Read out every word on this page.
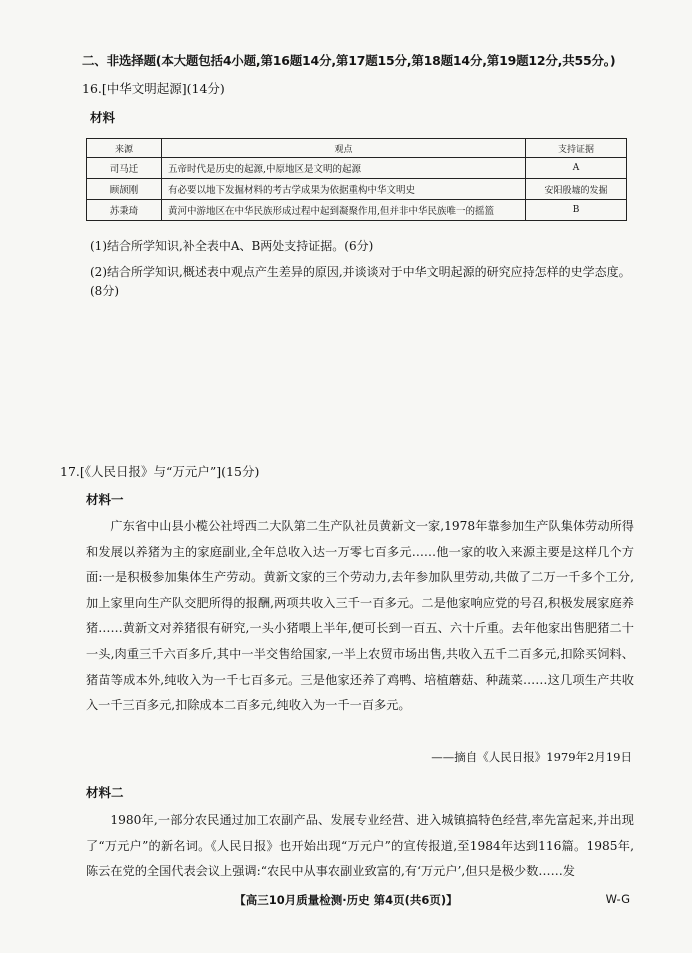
二、非选择题(本大题包括4小题,第16题14分,第17题15分,第18题14分,第19题12分,共55分。)
16.[中华文明起源](14分)
材料
来源	观点	支持证据
司马迁	五帝时代是历史的起源,中原地区是文明的起源	A
顾颉刚	有必要以地下发掘材料的考古学成果为依据重构中华文明史	安阳殷墟的发掘
苏秉琦	黄河中游地区在中华民族形成过程中起到凝聚作用,但并非中华民族唯一的摇篮	B
(1)结合所学知识,补全表中A、B两处支持证据。(6分)
(2)结合所学知识,概述表中观点产生差异的原因,并谈谈对于中华文明起源的研究应持怎样的史学态度。(8分)
17.[《人民日报》与“万元户”](15分)
材料一

广东省中山县小榄公社埒西二大队第二生产队社员黄新文一家,1978年靠参加生产队集体劳动所得和发展以养猪为主的家庭副业,全年总收入达一万零七百多元……他一家的收入来源主要是这样几个方面:一是积极参加集体生产劳动。黄新文家的三个劳动力,去年参加队里劳动,共做了二万一千多个工分,加上家里向生产队交肥所得的报酬,两项共收入三千一百多元。二是他家响应党的号召,积极发展家庭养猪……黄新文对养猪很有研究,一头小猪喂上半年,便可长到一百五、六十斤重。去年他家出售肥猪二十一头,肉重三千六百多斤,其中一半交售给国家,一半上农贸市场出售,共收入五千二百多元,扣除买饲料、猪苗等成本外,纯收入为一千七百多元。三是他家还养了鸡鸭、培植蘑菇、种蔬菜……这几项生产共收入一千三百多元,扣除成本二百多元,纯收入为一千一百多元。

——摘自《人民日报》1979年2月19日
材料二

1980年,一部分农民通过加工农副产品、发展专业经营、进入城镇搞特色经营,率先富起来,并出现了“万元户”的新名词。《人民日报》也开始出现“万元户”的宣传报道,至1984年达到116篇。1985年,陈云在党的全国代表会议上强调:“农民中从事农副业致富的,有‘万元户’,但只是极少数……发

【高三10月质量检测·历史 第4页(共6页)】	W-G
